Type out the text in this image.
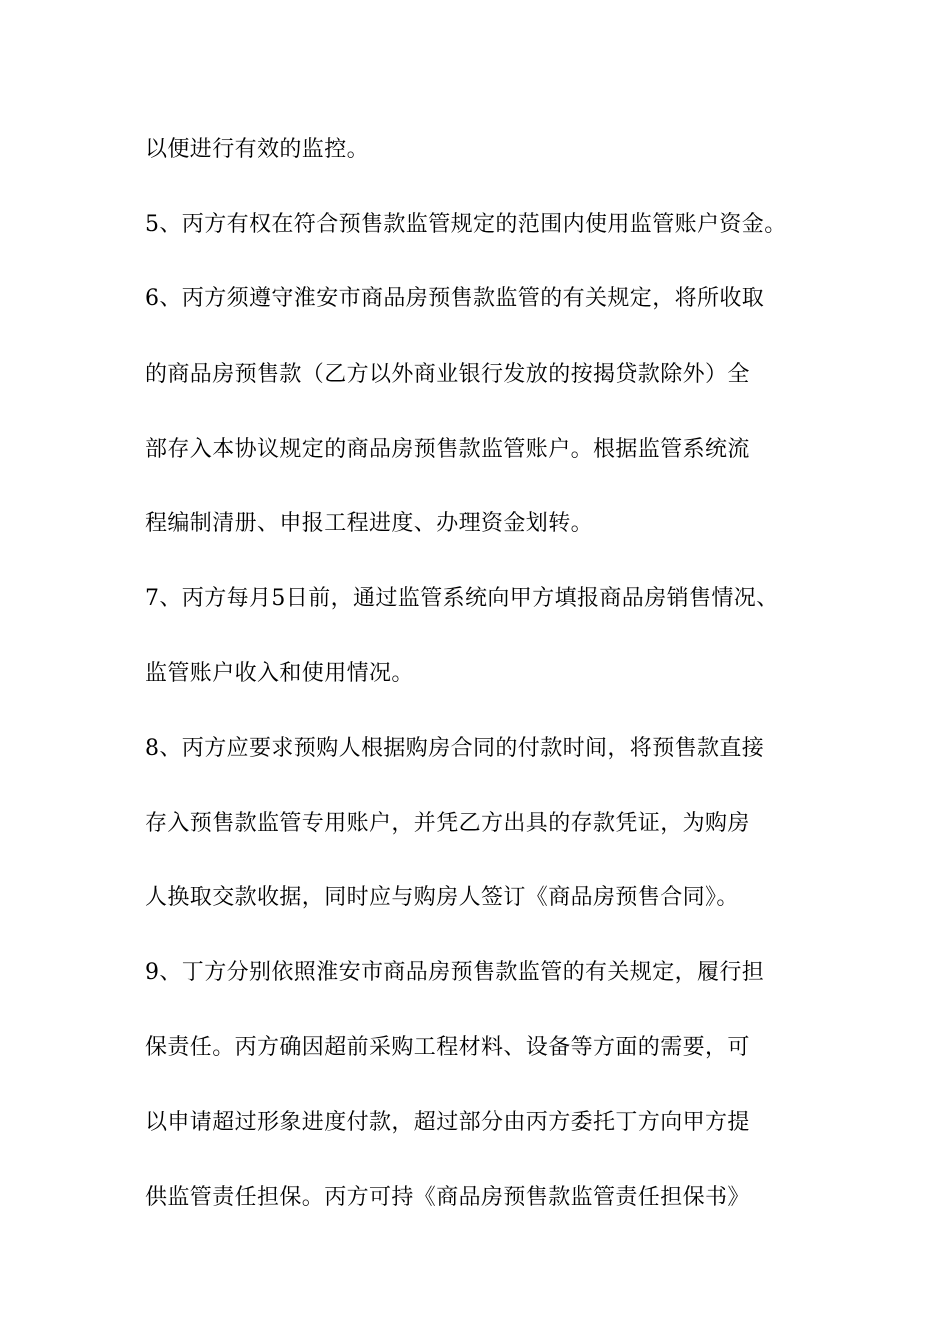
以便进行有效的监控。

5、丙方有权在符合预售款监管规定的范围内使用监管账户资金。

6、丙方须遵守淮安市商品房预售款监管的有关规定，将所收取

的商品房预售款（乙方以外商业银行发放的按揭贷款除外）全

部存入本协议规定的商品房预售款监管账户。根据监管系统流

程编制清册、申报工程进度、办理资金划转。

7、丙方每月5日前，通过监管系统向甲方填报商品房销售情况、

监管账户收入和使用情况。

8、丙方应要求预购人根据购房合同的付款时间，将预售款直接

存入预售款监管专用账户，并凭乙方出具的存款凭证，为购房

人换取交款收据，同时应与购房人签订《商品房预售合同》。

9、丁方分别依照淮安市商品房预售款监管的有关规定，履行担

保责任。丙方确因超前采购工程材料、设备等方面的需要，可

以申请超过形象进度付款，超过部分由丙方委托丁方向甲方提

供监管责任担保。丙方可持《商品房预售款监管责任担保书》
